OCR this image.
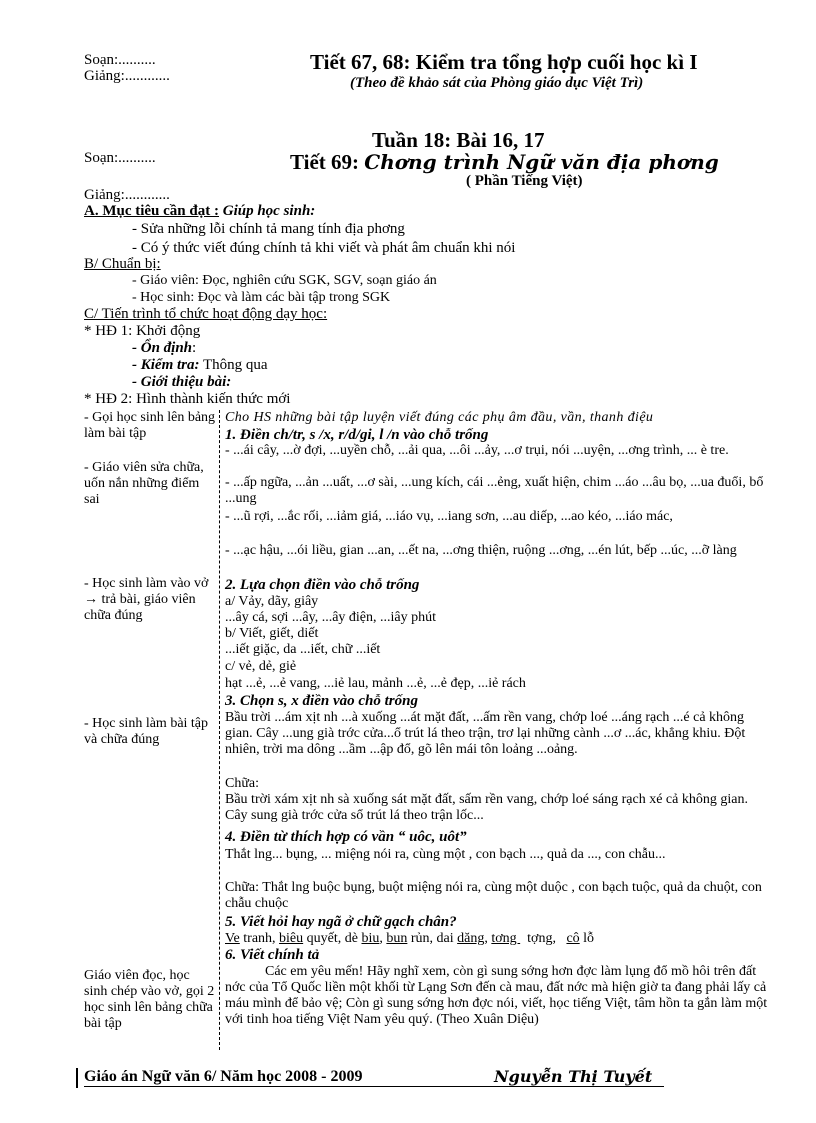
Soạn:..........
Giảng:............
Tiết 67, 68: Kiểm tra tổng hợp cuối học kì I
(Theo đề khảo sát của Phòng giáo dục Việt Trì)
Tuần 18: Bài 16, 17
Soạn:..........	Tiết 69: Chơng trình Ngữ văn địa phơng
( Phần Tiếng Việt)
Giảng:............
A. Mục tiêu cần đạt : Giúp học sinh:
- Sửa những lỗi chính tả mang tính địa phơng
- Có ý thức viết đúng chính tả khi viết và phát âm chuẩn khi nói
B/ Chuẩn bị:
- Giáo viên: Đọc, nghiên cứu SGK, SGV, soạn giáo án
- Học sinh: Đọc và làm các bài tập trong SGK
C/ Tiến trình tổ chức hoạt động dạy học:
* HĐ 1: Khởi động
- Ổn định:
- Kiểm tra: Thông qua
- Giới thiệu bài:
* HĐ 2: Hình thành kiến thức mới
- Gọi học sinh lên bảng làm bài tập
- Giáo viên sửa chữa, uốn nắn những điểm sai
- Học sinh làm vào vở → trả bài, giáo viên chữa đúng
- Học sinh làm bài tập và chữa đúng
Giáo viên đọc, học sinh chép vào vở, gọi 2 học sinh lên bảng chữa bài tập
Cho HS những bài tập luyện viết đúng các phụ âm đầu, vần, thanh điệu
1. Điền ch/tr, s /x, r/d/gi, l /n vào chỗ trống
- ...ái cây, ...ờ đợi, ...uyền chỗ, ...ải qua, ...ôi ...ảy, ...ơ trụi, nói ...uyện, ...ơng trình, ... è tre.
- ...ấp ngữa, ...ản ...uất, ...ơ sài, ...ung kích, cái ...ẻng, xuất hiện, chim ...áo ...âu bọ, ...ua đuổi, bổ ...ung
- ...ũ rợi, ...ắc rối, ...iảm giá, ...iáo vụ, ...iang sơn, ...au diếp, ...ao kéo, ...iáo mác,
- ...ạc hậu, ...ói liều, gian ...an, ...ết na, ...ơng thiện, ruộng ...ơng, ...én lút, bếp ...úc, ...ỡ làng
2. Lựa chọn điền vào chỗ trống
a/ Vảy, dãy, giây
...ây cá, sợi ...ây, ...ây điện, ...iây phút
b/ Viết, giết, diết
...iết giặc, da ...iết, chữ ...iết
c/ vẻ, dẻ, giẻ
hạt ...ẻ, ...ẻ vang, ...iẻ lau, mảnh ...ẻ, ...ẻ đẹp, ...iẻ rách
3. Chọn s, x điền vào chỗ trống
Bầu trời ...ám xịt nh ...à xuống ...át mặt đất, ...ấm rền vang, chớp loé ...áng rạch ...é cả không gian. Cây ...ung già trớc cửa...ổ trút lá theo trận, trơ lại những cành ...ơ ...ác, khẳng khiu. Đột nhiên, trời ma dông ...ầm ...ập đổ, gõ lên mái tôn loảng ...oảng.
Chữa:
Bầu trời xám xịt nh sà xuống sát mặt đất, sấm rền vang, chớp loé sáng rạch xé cả không gian. Cây sung già trớc cửa sổ trút lá theo trận lốc...
4. Điền từ thích hợp có vần “ uôc, uôt”
Thắt lng... bụng, ... miệng nói ra, cùng một , con bạch ..., quả da ..., con chẫu...
Chữa: Thắt lng buộc bụng, buột miệng nói ra, cùng một duộc , con bạch tuộc, quả da chuột, con chẫu chuộc
5. Viết hỏi hay ngã ở chữ gạch chân?
Ve tranh, biêu quyết, dè biu, bun rủn, dai dăng, tơng   tợng,   cô lỗ
6. Viết chính tả
Các em yêu mến! Hãy nghĩ xem, còn gì sung sớng hơn đợc làm lụng đổ mồ hôi trên đất nớc của Tổ Quốc liền một khối từ Lạng Sơn đến cà mau, đất nớc mà hiện giờ ta đang phải lấy cả máu mình để bảo vệ; Còn gì sung sớng hơn đợc nói, viết, học tiếng Việt, tâm hồn ta gắn làm một với tinh hoa tiếng Việt Nam yêu quý. (Theo Xuân Diệu)
Giáo án Ngữ văn 6/ Năm học 2008 - 2009	Nguyễn Thị Tuyết
